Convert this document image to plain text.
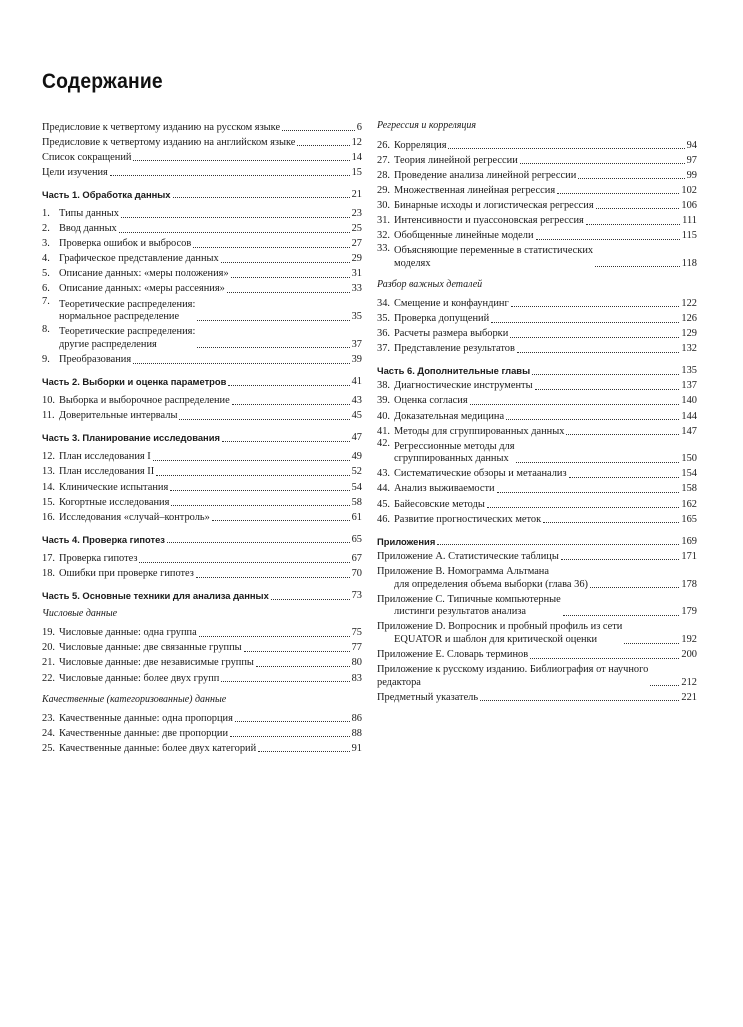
Содержание
Предисловие к четвертому изданию на русском языке	6
Предисловие к четвертому изданию на английском языке	12
Список сокращений	14
Цели изучения	15
Часть 1. Обработка данных	21
1. Типы данных	23
2. Ввод данных	25
3. Проверка ошибок и выбросов	27
4. Графическое представление данных	29
5. Описание данных: «меры положения»	31
6. Описание данных: «меры рассеяния»	33
7. Теоретические распределения:
нормальное распределение	35
8. Теоретические распределения:
другие распределения	37
9. Преобразования	39
Часть 2. Выборки и оценка параметров	41
10. Выборка и выборочное распределение	43
11. Доверительные интервалы	45
Часть 3. Планирование исследования	47
12. План исследования I	49
13. План исследования II	52
14. Клинические испытания	54
15. Когортные исследования	58
16. Исследования «случай–контроль»	61
Часть 4. Проверка гипотез	65
17. Проверка гипотез	67
18. Ошибки при проверке гипотез	70
Часть 5. Основные техники для анализа данных	73
Числовые данные
19. Числовые данные: одна группа	75
20. Числовые данные: две связанные группы	77
21. Числовые данные: две независимые группы	80
22. Числовые данные: более двух групп	83
Качественные (категоризованные) данные
23. Качественные данные: одна пропорция	86
24. Качественные данные: две пропорции	88
25. Качественные данные: более двух категорий	91
Регрессия и корреляция
26. Корреляция	94
27. Теория линейной регрессии	97
28. Проведение анализа линейной регрессии	99
29. Множественная линейная регрессия	102
30. Бинарные исходы и логистическая регрессия	106
31. Интенсивности и пуассоновская регрессия	111
32. Обобщенные линейные модели	115
33. Объясняющие переменные в статистических
моделях	118
Разбор важных деталей
34. Смещение и конфаундинг	122
35. Проверка допущений	126
36. Расчеты размера выборки	129
37. Представление результатов	132
Часть 6. Дополнительные главы	135
38. Диагностические инструменты	137
39. Оценка согласия	140
40. Доказательная медицина	144
41. Методы для сгруппированных данных	147
42. Регрессионные методы для
сгруппированных данных	150
43. Систематические обзоры и метаанализ	154
44. Анализ выживаемости	158
45. Байесовские методы	162
46. Развитие прогностических меток	165
Приложения	169
Приложение A. Статистические таблицы	171
Приложение B. Номограмма Альтмана
для определения объема выборки (глава 36)	178
Приложение C. Типичные компьютерные
листинги результатов анализа	179
Приложение D. Вопросник и пробный профиль из сети
EQUATOR и шаблон для критической оценки	192
Приложение E. Словарь терминов	200
Приложение к русскому изданию. Библиография от научного
редактора	212
Предметный указатель	221
